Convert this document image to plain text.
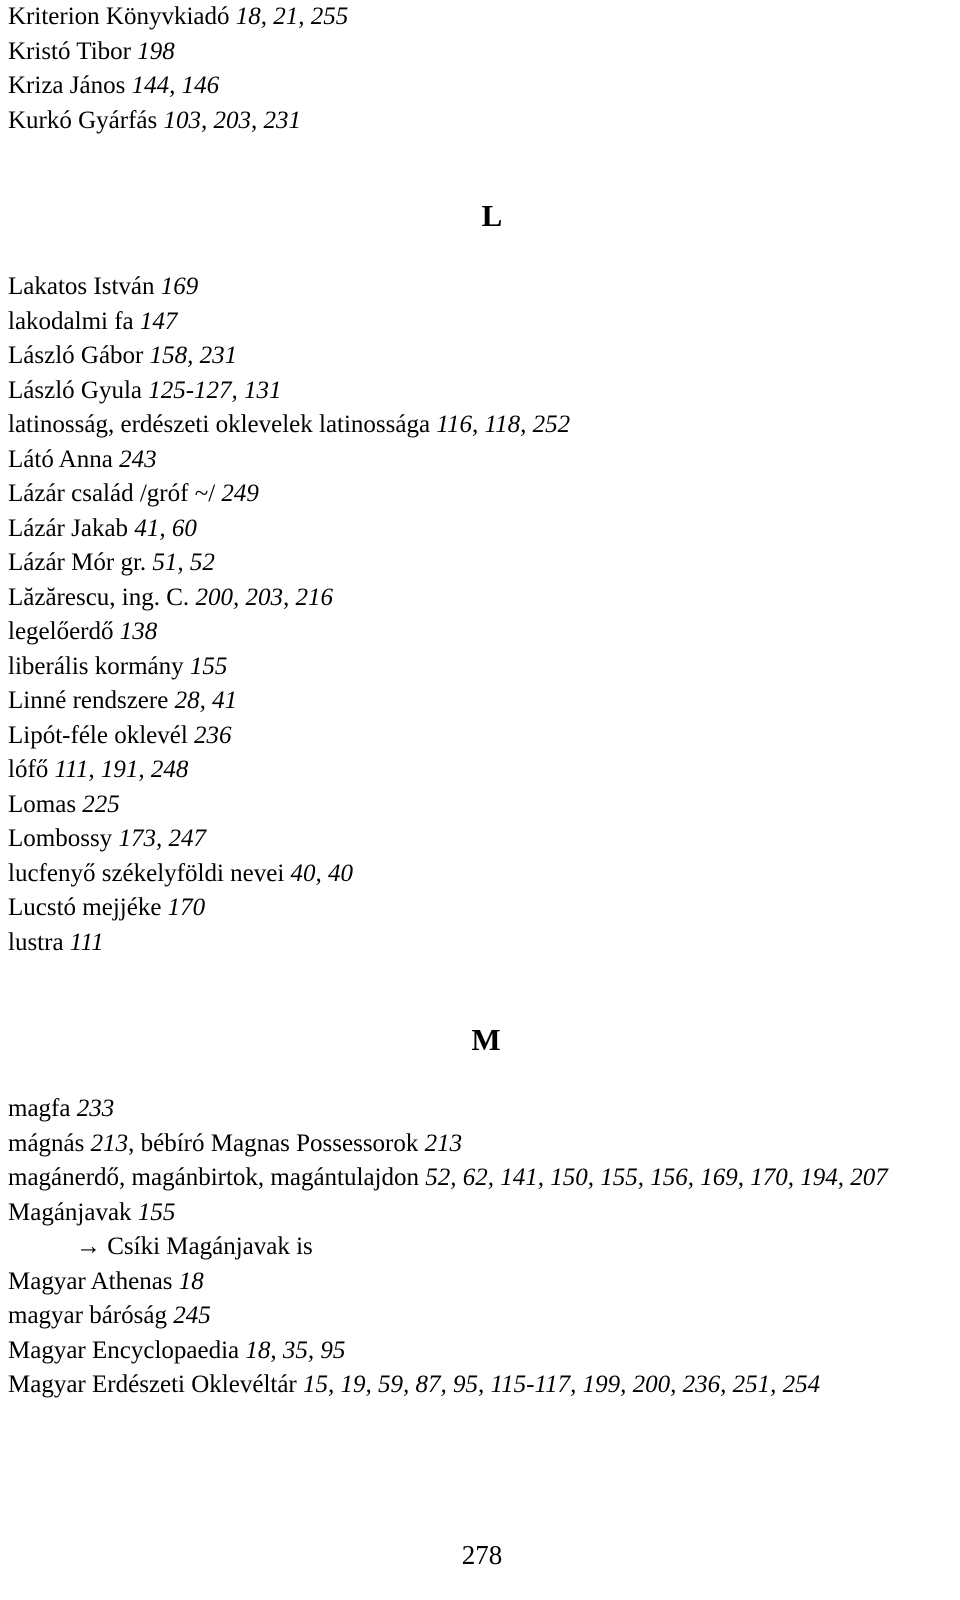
Kriterion Könyvkiadó 18, 21, 255

Kristó Tibor 198

Kriza János 144, 146

Kurkó Gyárfás 103, 203, 231

L

Lakatos István 169

lakodalmi fa 147

László Gábor 158, 231

László Gyula 125-127, 131

latinosság, erdészeti oklevelek latinossága 116, 118, 252

Látó Anna 243

Lázár család /gróf ~/ 249

Lázár Jakab 41, 60

Lázár Mór gr. 51, 52

Lăzărescu, ing. C. 200, 203, 216

legelőerdő 138

liberális kormány 155

Linné rendszere 28, 41

Lipót-féle oklevél 236

lófő 111, 191, 248

Lomas 225

Lombossy 173, 247

lucfenyő székelyföldi nevei 40, 40

Lucstó mejjéke 170

lustra 111

M

magfa 233

mágnás 213, bébíró Magnas Possessorok 213

magánerdő, magánbirtok, magántulajdon 52, 62, 141, 150, 155, 156, 169, 170, 194, 207

Magánjavak 155

→ Csíki Magánjavak is

Magyar Athenas 18

magyar báróság 245

Magyar Encyclopaedia 18, 35, 95

Magyar Erdészeti Oklevéltár 15, 19, 59, 87, 95, 115-117, 199, 200, 236, 251, 254

278
